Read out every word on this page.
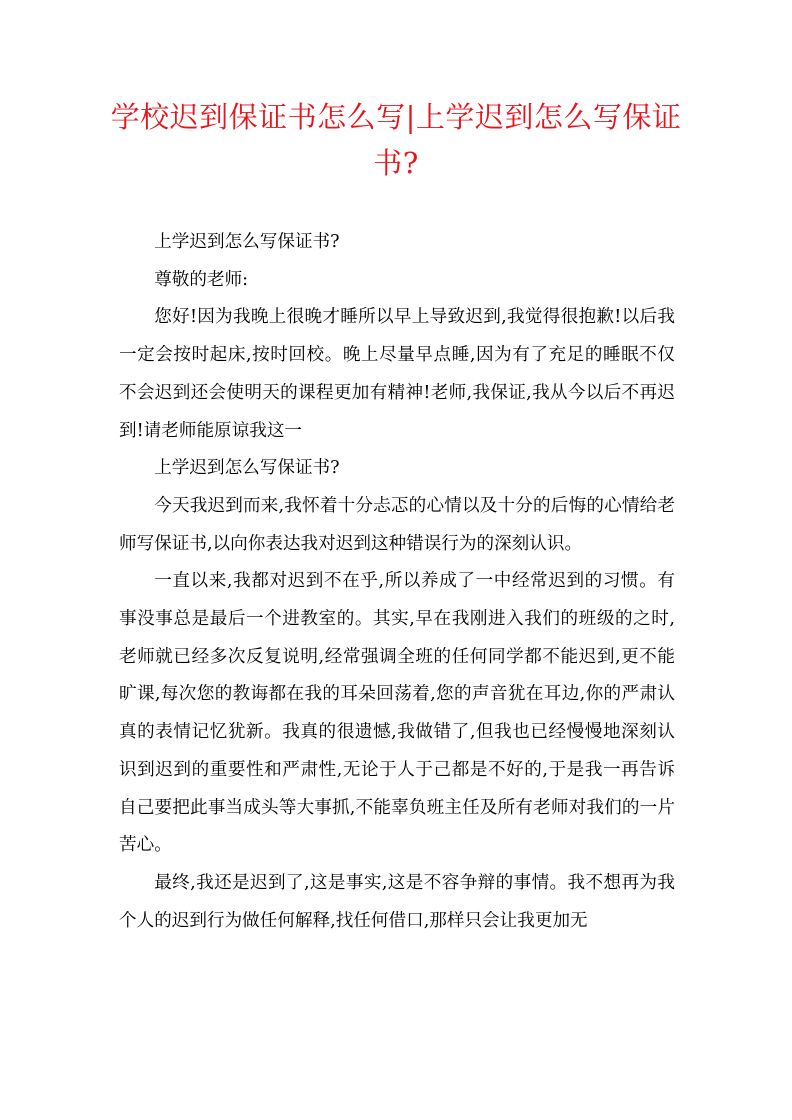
学校迟到保证书怎么写|上学迟到怎么写保证书?

上学迟到怎么写保证书?

尊敬的老师:

您好!因为我晚上很晚才睡所以早上导致迟到,我觉得很抱歉!以后我一定会按时起床,按时回校。晚上尽量早点睡,因为有了充足的睡眠不仅不会迟到还会使明天的课程更加有精神!老师,我保证,我从今以后不再迟到!请老师能原谅我这一

上学迟到怎么写保证书?

今天我迟到而来,我怀着十分忐忑的心情以及十分的后悔的心情给老师写保证书,以向你表达我对迟到这种错误行为的深刻认识。

一直以来,我都对迟到不在乎,所以养成了一中经常迟到的习惯。有事没事总是最后一个进教室的。其实,早在我刚进入我们的班级的之时,老师就已经多次反复说明,经常强调全班的任何同学都不能迟到,更不能旷课,每次您的教诲都在我的耳朵回荡着,您的声音犹在耳边,你的严肃认真的表情记忆犹新。我真的很遗憾,我做错了,但我也已经慢慢地深刻认识到迟到的重要性和严肃性,无论于人于己都是不好的,于是我一再告诉自己要把此事当成头等大事抓,不能辜负班主任及所有老师对我们的一片苦心。

最终,我还是迟到了,这是事实,这是不容争辩的事情。我不想再为我个人的迟到行为做任何解释,找任何借口,那样只会让我更加无
